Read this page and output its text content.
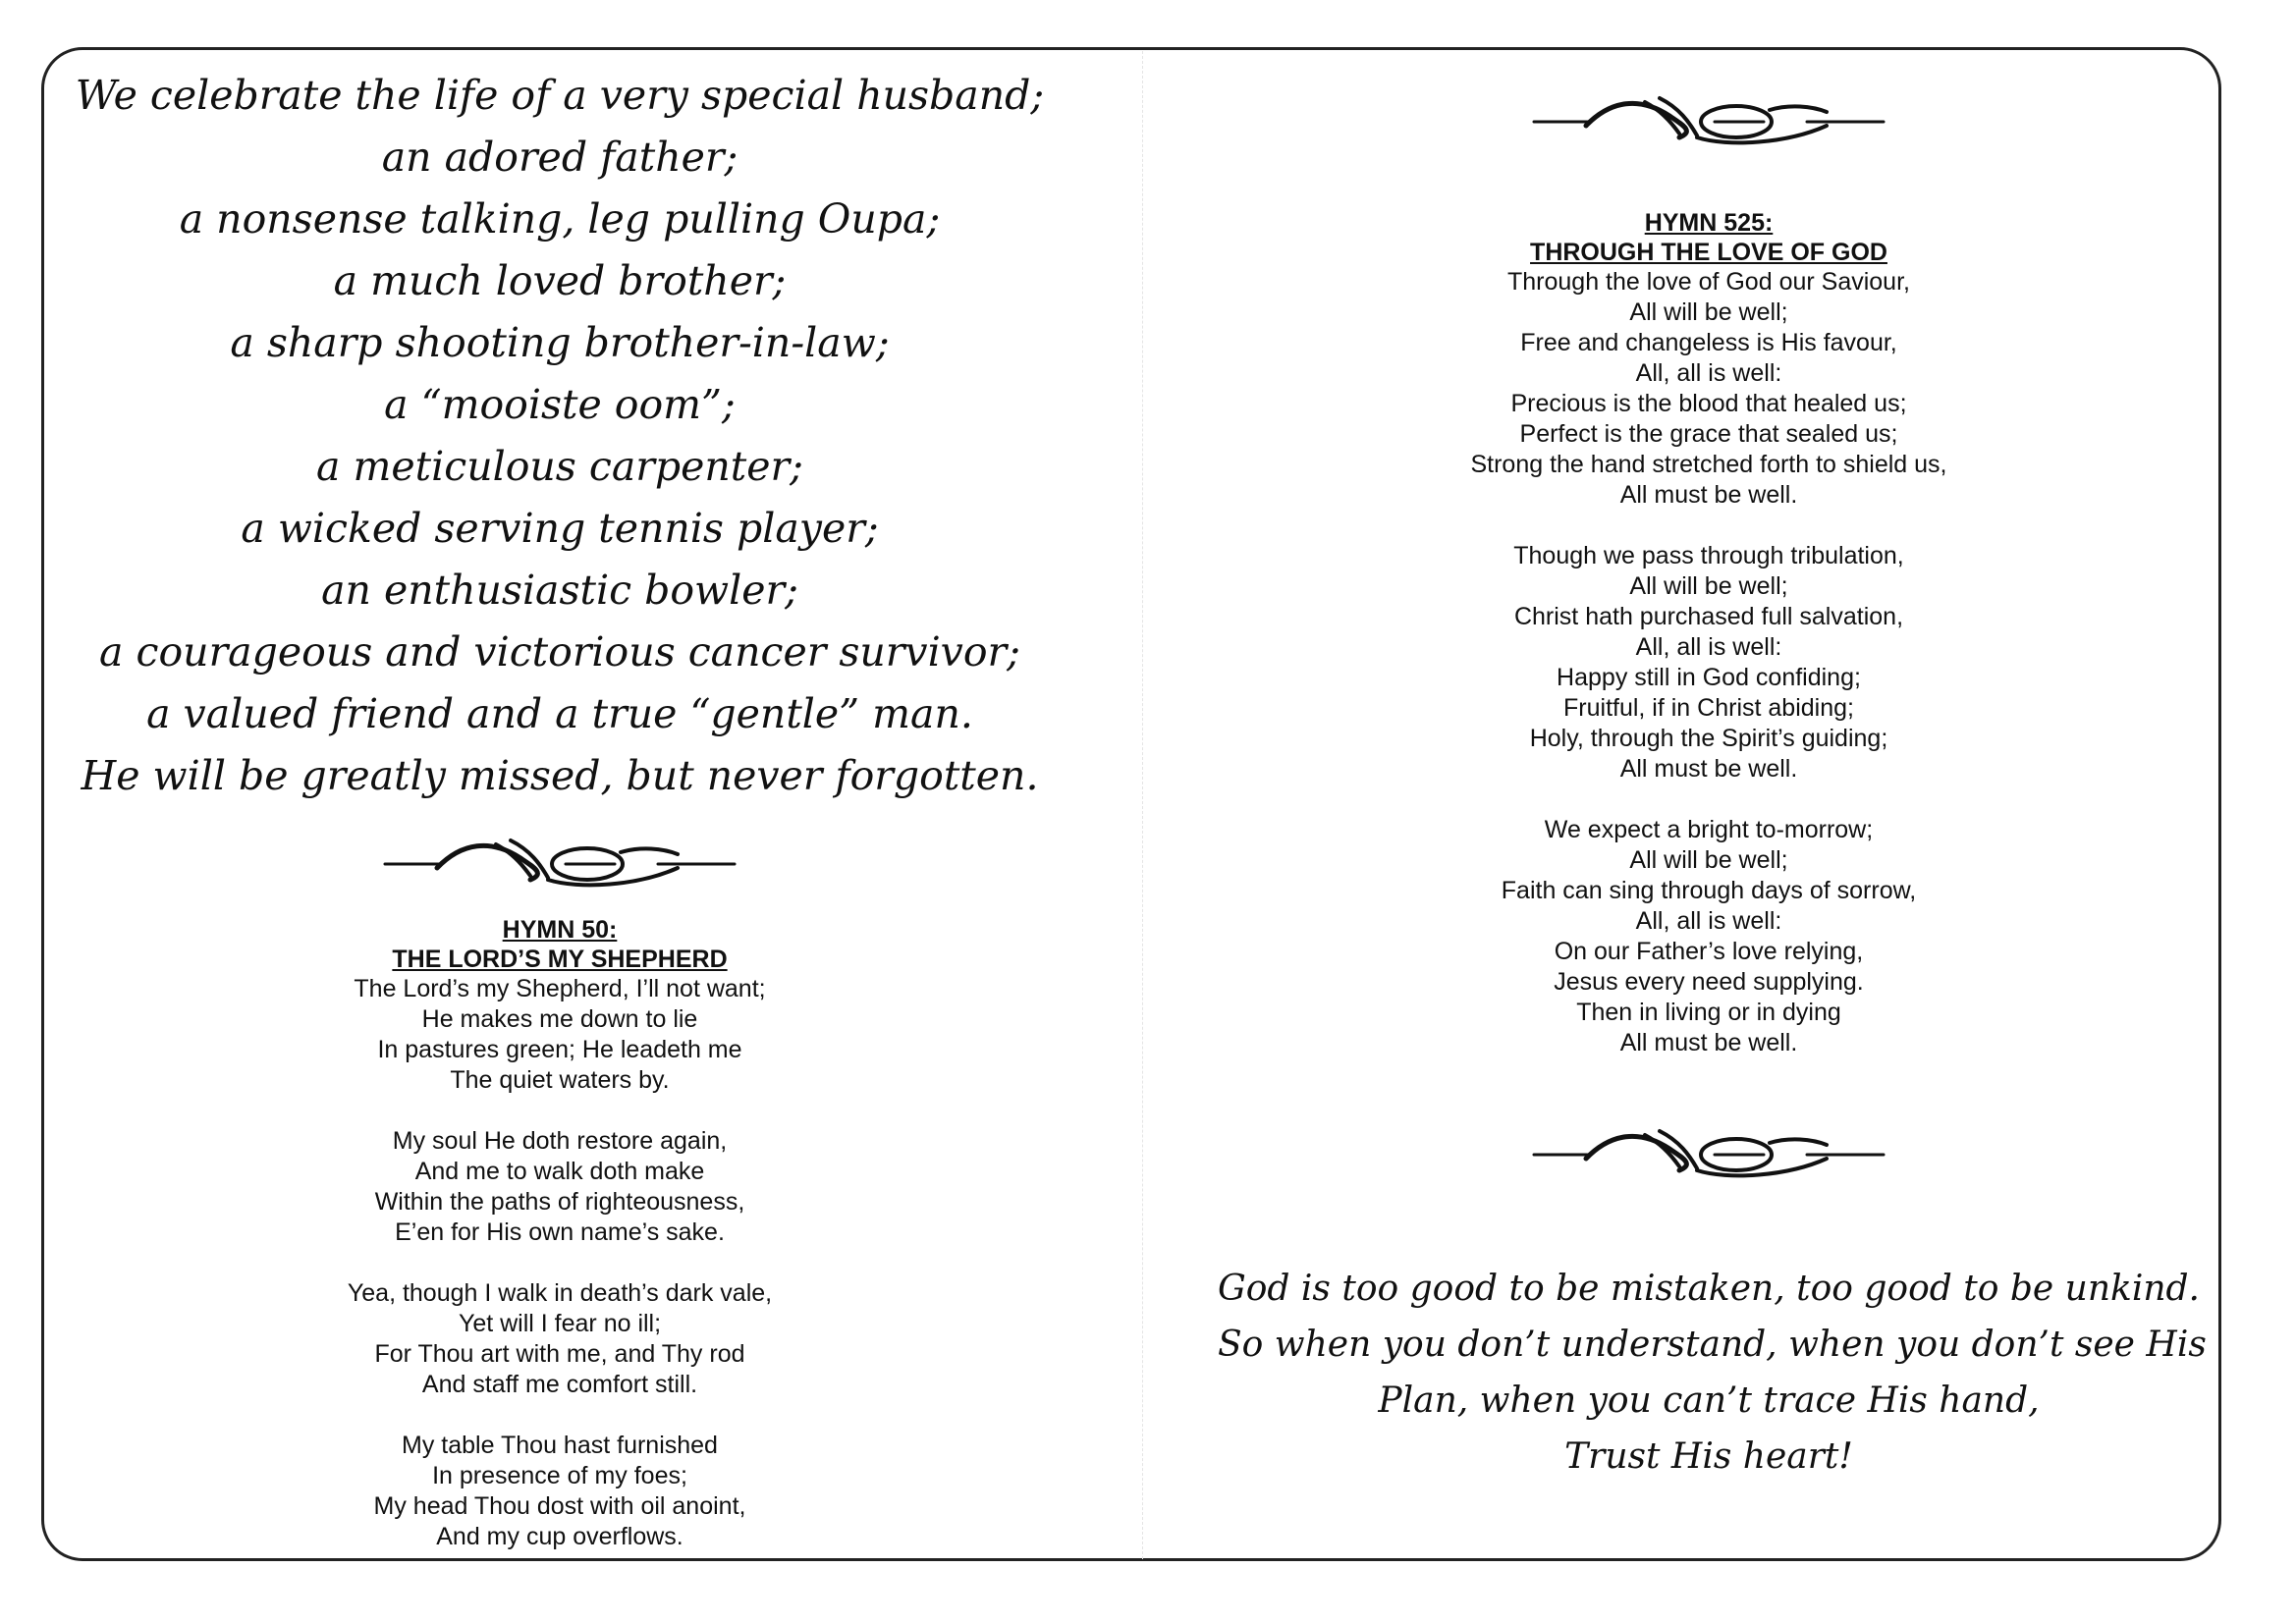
We celebrate the life of a very special husband;
an adored father;
a nonsense talking, leg pulling Oupa;
a much loved brother;
a sharp shooting brother-in-law;
a “mooiste oom”;
a meticulous carpenter;
a wicked serving tennis player;
an enthusiastic bowler;
a courageous and victorious cancer survivor;
a valued friend and a true “gentle” man.
He will be greatly missed, but never forgotten.
HYMN 50:
THE LORD’S MY SHEPHERD
The Lord’s my Shepherd, I’ll not want;
He makes me down to lie
In pastures green; He leadeth me
The quiet waters by.
My soul He doth restore again,
And me to walk doth make
Within the paths of righteousness,
E’en for His own name’s sake.
Yea, though I walk in death’s dark vale,
Yet will I fear no ill;
For Thou art with me, and Thy rod
And staff me comfort still.
My table Thou hast furnished
In presence of my foes;
My head Thou dost with oil anoint,
And my cup overflows.
HYMN 525:
THROUGH THE LOVE OF GOD
Through the love of God our Saviour,
All will be well;
Free and changeless is His favour,
All, all is well:
Precious is the blood that healed us;
Perfect is the grace that sealed us;
Strong the hand stretched forth to shield us,
All must be well.
Though we pass through tribulation,
All will be well;
Christ hath purchased full salvation,
All, all is well:
Happy still in God confiding;
Fruitful, if in Christ abiding;
Holy, through the Spirit’s guiding;
All must be well.
We expect a bright to-morrow;
All will be well;
Faith can sing through days of sorrow,
All, all is well:
On our Father’s love relying,
Jesus every need supplying.
Then in living or in dying
All must be well.
God is too good to be mistaken, too good to be unkind.
So when you don’t understand, when you don’t see His
Plan, when you can’t trace His hand,
Trust His heart!
